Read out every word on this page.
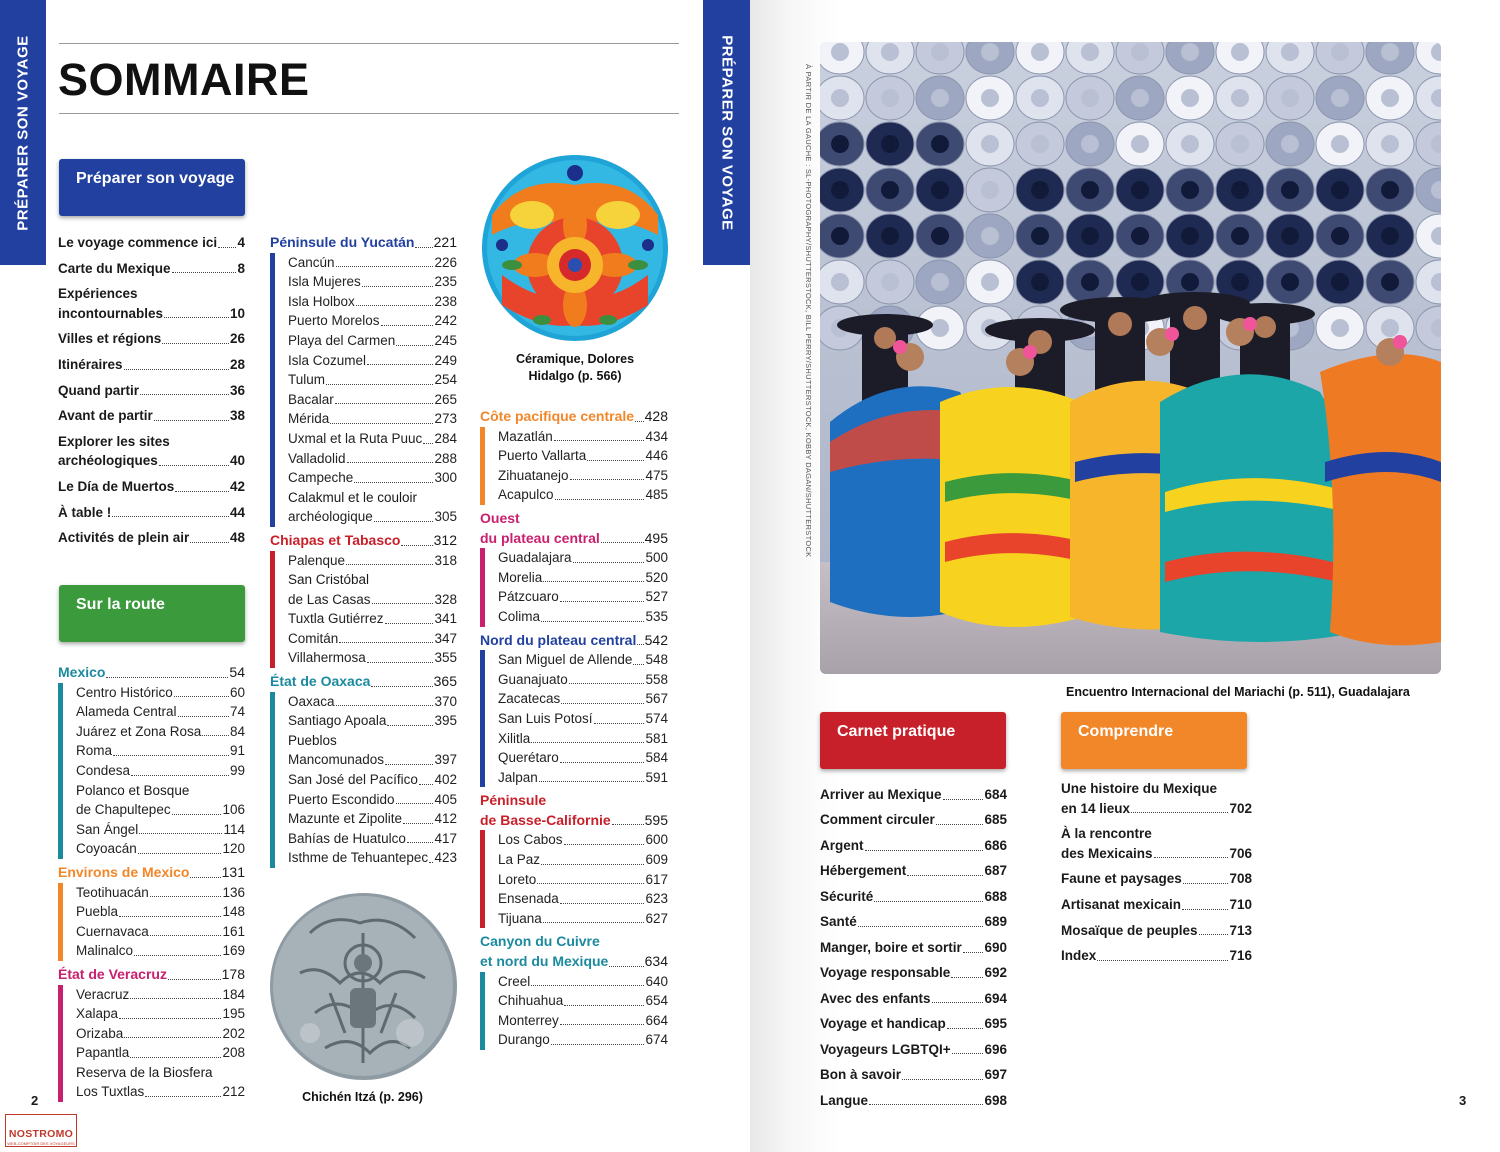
PRÉPARER SON VOYAGE SOMMAIRE
Préparer son voyage
Le voyage commence ici 4
Carte du Mexique	8
Expériences
incontournables	10
Villes et régions	26
Itinéraires	28
Quand partir	36
Avant de partir	38
Explorer les sites
archéologiques	40
Le Día de Muertos	42
À table !	44
Activités de plein air	48
Sur la route
Mexico	54
Centro Histórico	60
Alameda Central	74
Juárez et Zona Rosa 84
Roma	91
Condesa	99
Polanco et Bosque
de Chapultepec	106
San Ángel	114
Coyoacán	120
Environs de Mexico 131
Teotihuacán	136
Puebla	148
Cuernavaca	161
Malinalco	169
État de Veracruz	178
Veracruz	184
Xalapa	195
Orizaba	202
Papantla	208
Reserva de la Biosfera
Los Tuxtlas	212
Péninsule du Yucatán 221
Cancún	226
Isla Mujeres	235
Isla Holbox	238
Puerto Morelos	242
Playa del Carmen	245
Isla Cozumel	249
Tulum	254
Bacalar	265
Mérida	273
Uxmal et la Ruta Puuc 284
Valladolid	288
Campeche	300
Calakmul et le couloir
archéologique	305
Chiapas et Tabasco 312
Palenque	318
San Cristóbal
de Las Casas	328
Tuxtla Gutiérrez	341
Comitán	347
Villahermosa	355
État de Oaxaca	365
Oaxaca	370
Santiago Apoala	395
Pueblos
Mancomunados	397
San José del Pacífico 402
Puerto Escondido	405
Mazunte et Zipolite 412
Bahías de Huatulco 417
Isthme de Tehuantepec 423
Côte pacifique centrale 428
Mazatlán	434
Puerto Vallarta	446
Zihuatanejo	475
Acapulco	485
Ouest
du plateau central	495
Guadalajara	500
Morelia	520
Pátzcuaro	527
Colima	535
Nord du plateau central 542
San Miguel de Allende 548
Guanajuato	558
Zacatecas	567
San Luis Potosí	574
Xilitla	581
Querétaro	584
Jalpan	591
Péninsule
de Basse-Californie 595
Los Cabos	600
La Paz	609
Loreto	617
Ensenada	623
Tijuana	627
Canyon du Cuivre
et nord du Mexique	634
Creel	640
Chihuahua	654
Monterrey	664
Durango	674
Céramique, Dolores Hidalgo (p. 566)
Chichén Itzá (p. 296)
2
NOSTROMO
WEB-COMPTOIR DES VOYAGEURS
PRÉPARER SON VOYAGE	À PARTIR DE LA GAUCHE : SL-PHOTOGRAPHY/SHUTTERSTOCK, BILL PERRY/SHUTTERSTOCK, KOBBY DAGAN/SHUTTERSTOCK
Encuentro Internacional del Mariachi (p. 511), Guadalajara
Carnet pratique
Arriver au Mexique	684
Comment circuler	685
Argent	686
Hébergement	687
Sécurité	688
Santé	689
Manger, boire et sortir 690
Voyage responsable	692
Avec des enfants	694
Voyage et handicap	695
Voyageurs LGBTQI+	696
Bon à savoir	697
Langue	698
Comprendre
Une histoire du Mexique
en 14 lieux	702
À la rencontre
des Mexicains	706
Faune et paysages	708
Artisanat mexicain	710
Mosaïque de peuples 713
Index	716
3
